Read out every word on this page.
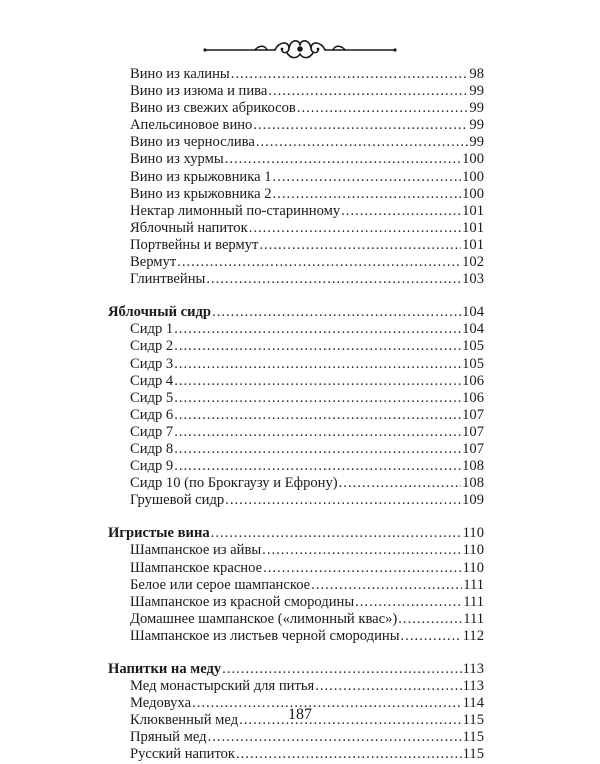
Вино из калины .....	98
Вино из изюма и пива .....	99
Вино из свежих абрикосов .....	99
Апельсиновое вино .....	99
Вино из чернослива .....	99
Вино из хурмы .....	100
Вино из крыжовника 1 .....	100
Вино из крыжовника 2 .....	100
Нектар лимонный по-старинному .....	101
Яблочный напиток .....	101
Портвейны и вермут .....	101
Вермут .....	102
Глинтвейны .....	103
Яблочный сидр .....	104
Сидр 1 .....	104
Сидр 2 .....	105
Сидр 3 .....	105
Сидр 4 .....	106
Сидр 5 .....	106
Сидр 6 .....	107
Сидр 7 .....	107
Сидр 8 .....	107
Сидр 9 .....	108
Сидр 10 (по Брокгаузу и Ефрону) .....	108
Грушевой сидр .....	109
Игристые вина .....	110
Шампанское из айвы .....	110
Шампанское красное .....	110
Белое или серое шампанское .....	111
Шампанское из красной смородины .....	111
Домашнее шампанское («лимонный квас») .....	111
Шампанское из листьев черной смородины .....	112
Напитки на меду .....	113
Мед монастырский для питья .....	113
Медовуха .....	114
Клюквенный мед .....	115
Пряный мед .....	115
Русский напиток .....	115
187
